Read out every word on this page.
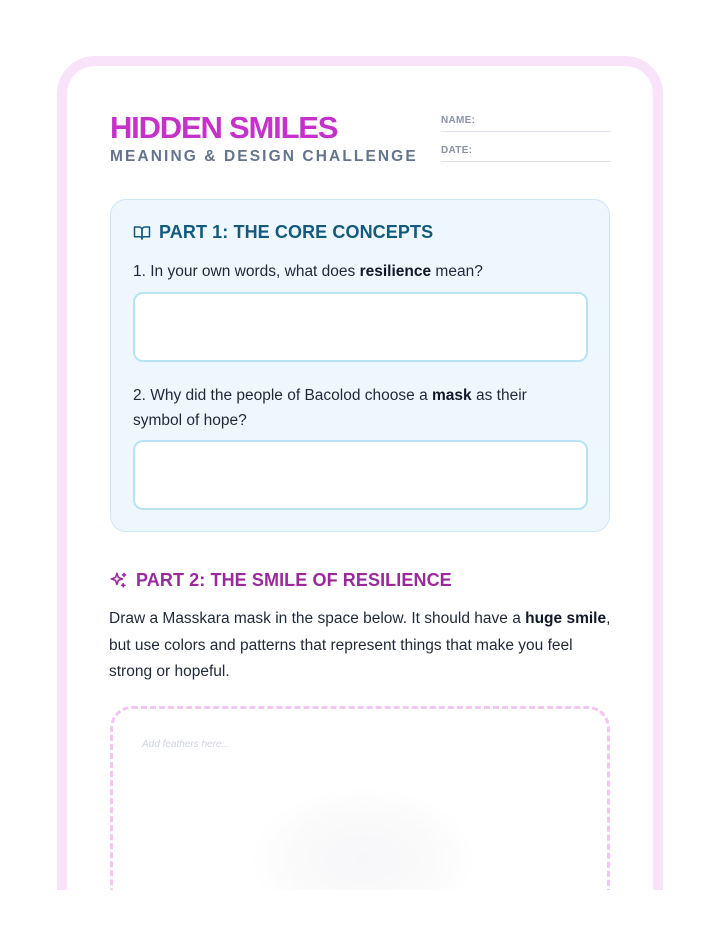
HIDDEN SMILES
MEANING & DESIGN CHALLENGE
NAME:
DATE:
PART 1: THE CORE CONCEPTS
1. In your own words, what does resilience mean?
2. Why did the people of Bacolod choose a mask as their symbol of hope?
PART 2: THE SMILE OF RESILIENCE
Draw a Masskara mask in the space below. It should have a huge smile, but use colors and patterns that represent things that make you feel strong or hopeful.
Add feathers here...
